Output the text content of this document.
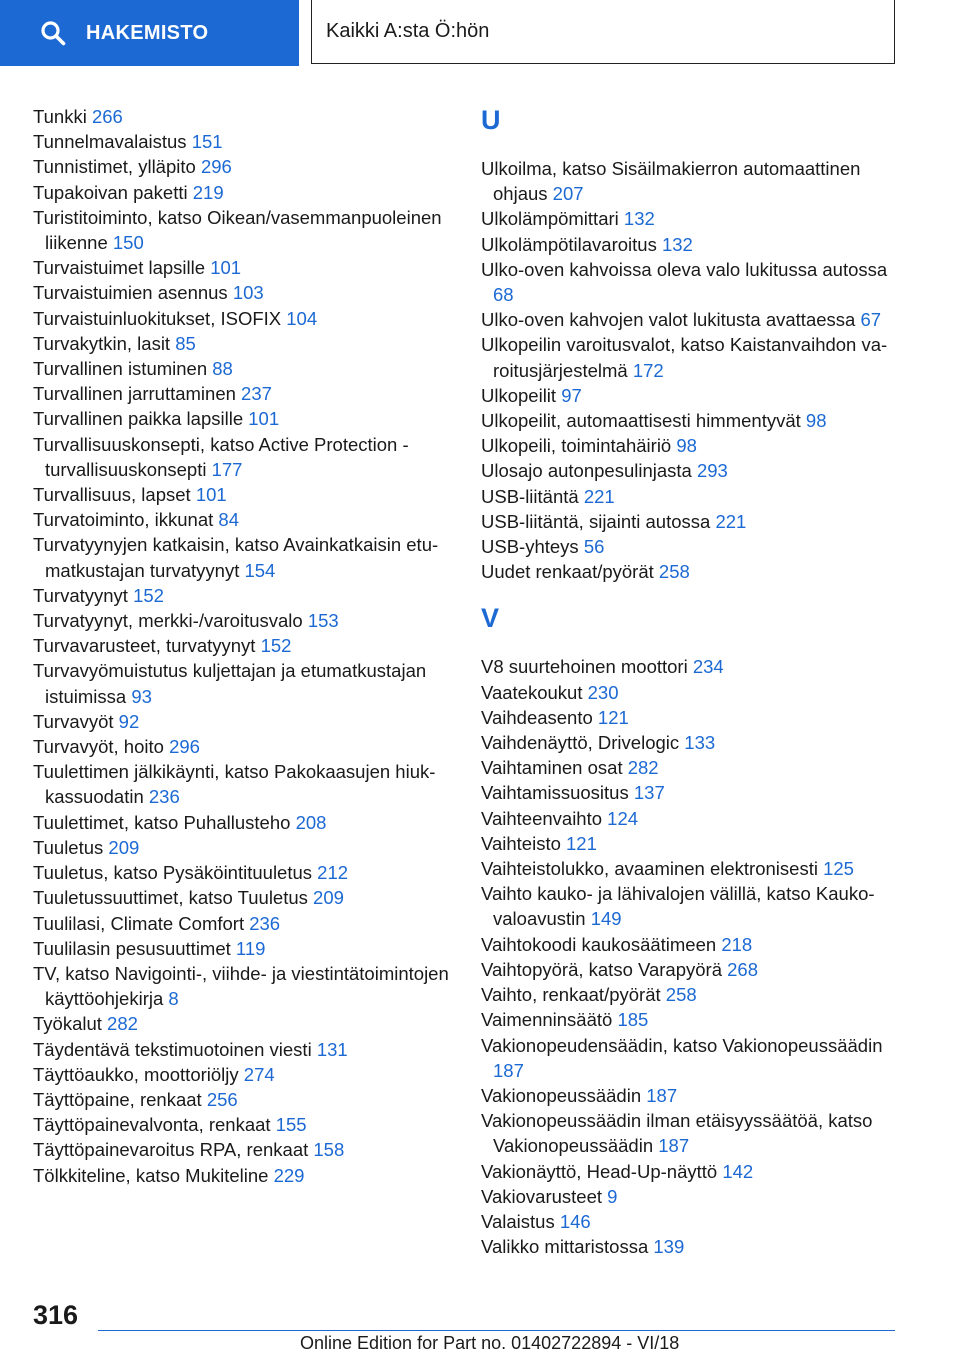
HAKEMISTO	Kaikki A:sta Ö:hön
Tunkki 266
Tunnelmavalaistus 151
Tunnistimet, ylläpito 296
Tupakoivan paketti 219
Turistitoiminto, katso Oikean/vasemmanpuoleinen liikenne 150
Turvaistuimet lapsille 101
Turvaistuimien asennus 103
Turvaistuinluokitukset, ISOFIX 104
Turvakytkin, lasit 85
Turvallinen istuminen 88
Turvallinen jarruttaminen 237
Turvallinen paikka lapsille 101
Turvallisuuskonsepti, katso Active Protection -turvallisuuskonsepti 177
Turvallisuus, lapset 101
Turvatoiminto, ikkunat 84
Turvatyynyjen katkaisin, katso Avainkatkaisin etumatkustajan turvatyynyt 154
Turvatyynyt 152
Turvatyynyt, merkki-/varoitusvalo 153
Turvavarusteet, turvatyynyt 152
Turvavyömuistutus kuljettajan ja etumatkustajan istuimissa 93
Turvavyöt 92
Turvavyöt, hoito 296
Tuulettimen jälkikäynti, katso Pakokaasujen hiukkassuodatin 236
Tuulettimet, katso Puhallusteho 208
Tuuletus 209
Tuuletus, katso Pysäköintituuletus 212
Tuuletussuuttimet, katso Tuuletus 209
Tuulilasi, Climate Comfort 236
Tuulilasin pesusuuttimet 119
TV, katso Navigointi-, viihde- ja viestintätoimintojen käyttöohjekirja 8
Työkalut 282
Täydentävä tekstimuotoinen viesti 131
Täyttöaukko, moottoriöljy 274
Täyttöpaine, renkaat 256
Täyttöpainevalvonta, renkaat 155
Täyttöpainevaroitus RPA, renkaat 158
Tölkkiteline, katso Mukiteline 229
U
Ulkoilma, katso Sisäilmakierron automaattinen ohjaus 207
Ulkolämpömittari 132
Ulkolämpötilavaroitus 132
Ulko-oven kahvoissa oleva valo lukitussa autossa 68
Ulko-oven kahvojen valot lukitusta avattaessa 67
Ulkopeilin varoitusvalot, katso Kaistanvaihdon varoitusjärjestelmä 172
Ulkopeilit 97
Ulkopeilit, automaattisesti himmentyvät 98
Ulkopeili, toimintahäiriö 98
Ulosajo autonpesulinjasta 293
USB-liitäntä 221
USB-liitäntä, sijainti autossa 221
USB-yhteys 56
Uudet renkaat/pyörät 258
V
V8 suurtehoinen moottori 234
Vaatekoukut 230
Vaihdeasento 121
Vaihdenäyttö, Drivelogic 133
Vaihtaminen osat 282
Vaihtamissuositus 137
Vaihteenvaihto 124
Vaihteisto 121
Vaihteistolukko, avaaminen elektronisesti 125
Vaihto kauko- ja lähivalojen välillä, katso Kaukovaloavustin 149
Vaihtokoodi kaukosäätimeen 218
Vaihtopyörä, katso Varapyörä 268
Vaihto, renkaat/pyörät 258
Vaimenninsäätö 185
Vakionopeudensäädin, katso Vakionopeussäädin 187
Vakionopeussäädin 187
Vakionopeussäädin ilman etäisyyssäätöä, katso Vakionopeussäädin 187
Vakionäyttö, Head-Up-näyttö 142
Vakiovarusteet 9
Valaistus 146
Valikko mittaristossa 139
316
Online Edition for Part no. 01402722894 - VI/18
